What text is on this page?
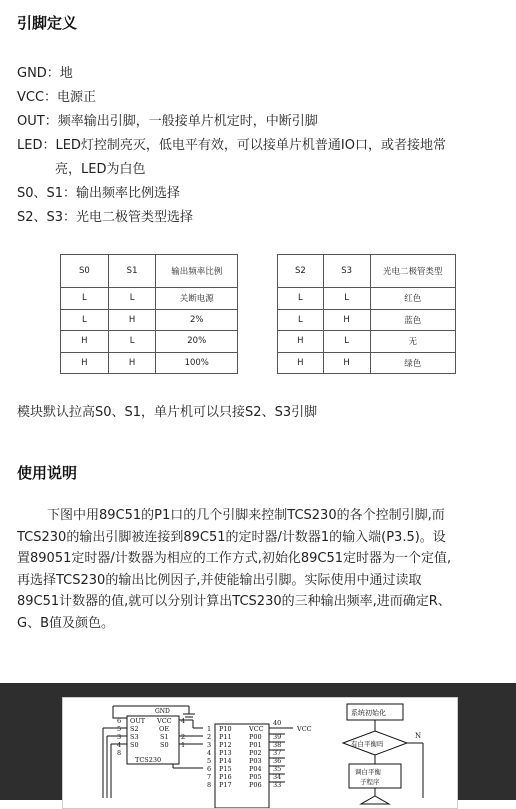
引脚定义
GND：地
VCC：电源正
OUT：频率输出引脚，一般接单片机定时，中断引脚
LED：LED灯控制亮灭，低电平有效，可以接单片机普通IO口，或者接地常
亮，LED为白色
S0、S1：输出频率比例选择
S2、S3：光电二极管类型选择
S0	S1	输出频率比例
L	L	关断电源
L	H	2%
H	L	20%
H	H	100%
S2	S3	光电二极管类型
L	L	红色
L	H	蓝色
H	L	无
H	H	绿色
模块默认拉高S0、S1，单片机可以只接S2、S3引脚
使用说明

下图中用89C51的P1口的几个引脚来控制TCS230的各个控制引脚,而

TCS230的输出引脚被连接到89C51的定时器/计数器1的输入端(P3.5)。设

置89051定时器/计数器为相应的工作方式,初始化89C51定时器为一个定值,

再选择TCS230的输出比例因子,并使能输出引脚。实际使用中通过读取

89C51计数器的值,就可以分别计算出TCS230的三种输出频率,进而确定R、

G、B值及颜色。

GND
6
5
3
4
8
OUT
S2
S3
S0
VCC
OE
S1
S0
4
2
1
TCS230
1
2
3
4
5
6
7
8
P10
P11
P12
P13
P14
P15
P16
P17
VCC
40
VCC
P00
P01
P02
P03
P04
P05
P06
39
38
37
36
35
34
33
系统初始化
有白平衡吗
N
调白平衡
子程序
